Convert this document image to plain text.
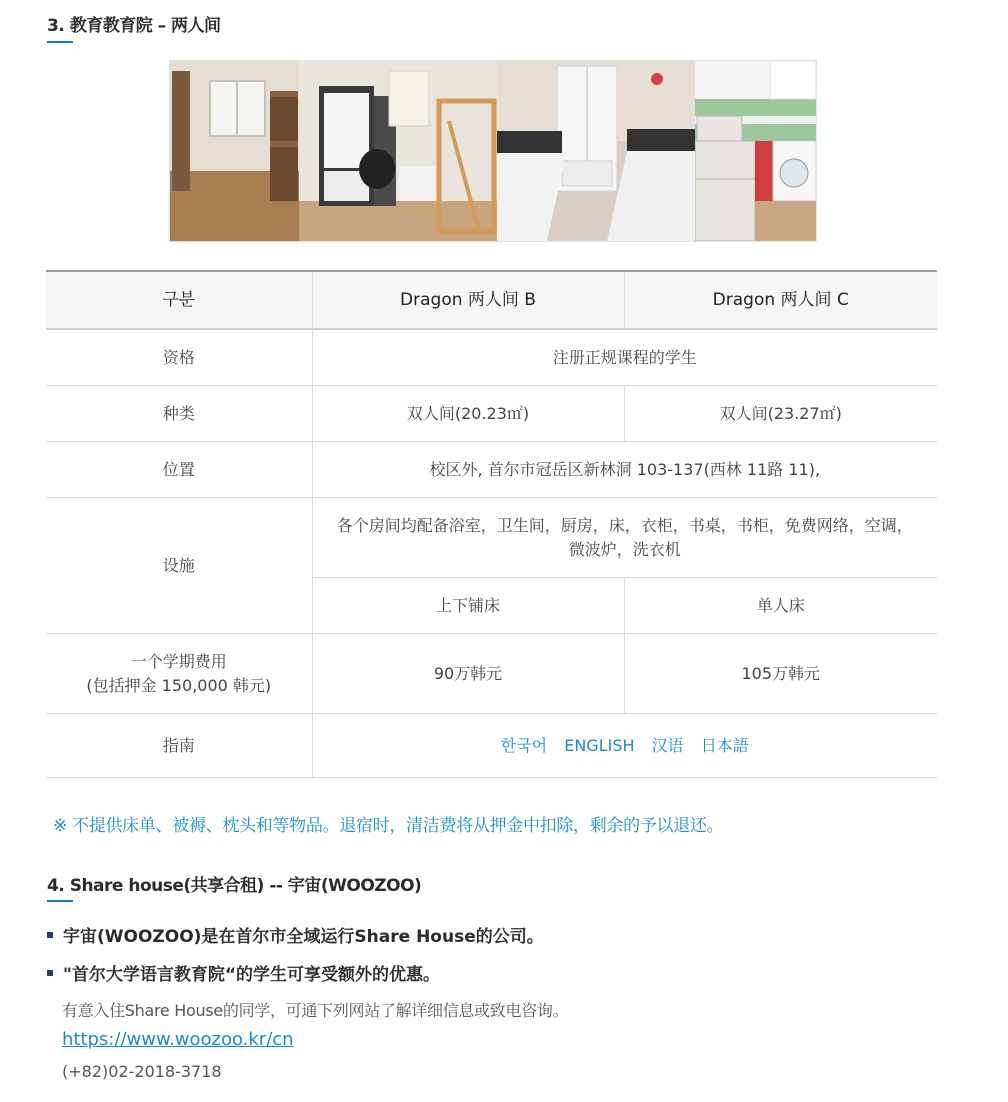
3. 教育教育院 – 两人间
구분	Dragon 两人间 B	Dragon 两人间 C
资格	注册正规课程的学生	
种类	双人间(20.23㎡)	双人间(23.27㎡)
位置	校区外, 首尔市冠岳区新林洞 103-137(西林 11路 11),	
设施	各个房间均配备浴室，卫生间，厨房，床，衣柜，书桌，书柜，免费网络，空调，微波炉，洗衣机	
	上下铺床	单人床

一个学期费用
(包括押金 150,000 韩元)	90万韩元	105万韩元
指南	한국어 ENGLISH 汉语 日本語	
※ 不提供床单、被褥、枕头和等物品。退宿时，清洁费将从押金中扣除，剩余的予以退还。
4. Share house(共享合租) -- 宇宙(WOOZOO)
宇宙(WOOZOO)是在首尔市全域运行Share House的公司。
"首尔大学语言教育院“的学生可享受额外的优惠。
有意入住Share House的同学，可通下列网站了解详细信息或致电咨询。
https://www.woozoo.kr/cn
(+82)02-2018-3718
